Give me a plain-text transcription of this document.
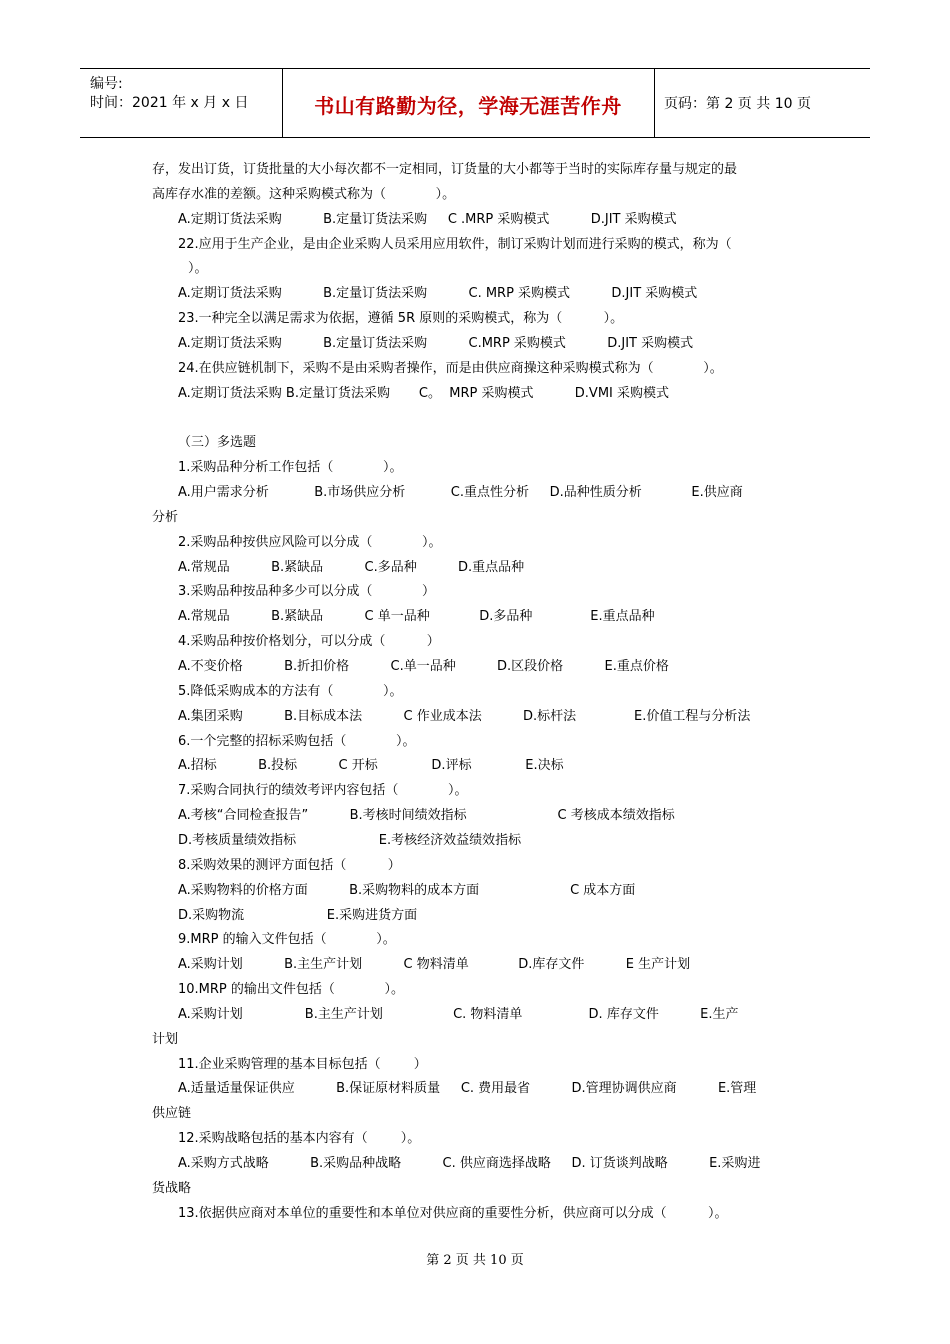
编号:
时间：2021 年 x 月 x 日	书山有路勤为径，学海无涯苦作舟	页码：第 2 页 共 10 页
存，发出订货，订货批量的大小每次都不一定相同，订货量的大小都等于当时的实际库存量与规定的最
高库存水准的差额。这种采购模式称为（            ）。
A.定期订货法采购          B.定量订货法采购     C .MRP 采购模式          D.JIT 采购模式
22.应用于生产企业，是由企业采购人员采用应用软件，制订采购计划而进行采购的模式，称为（
）。
A.定期订货法采购          B.定量订货法采购          C. MRP 采购模式          D.JIT 采购模式
23.一种完全以满足需求为依据，遵循 5R 原则的采购模式，称为（          ）。
A.定期订货法采购          B.定量订货法采购          C.MRP 采购模式          D.JIT 采购模式
24.在供应链机制下，采购不是由采购者操作，而是由供应商操这种采购模式称为（            ）。
A.定期订货法采购 B.定量订货法采购       C。  MRP 采购模式          D.VMI 采购模式
（三）多选题
1.采购品种分析工作包括（            ）。
A.用户需求分析           B.市场供应分析           C.重点性分析     D.品种性质分析            E.供应商
分析
2.采购品种按供应风险可以分成（            ）。
A.常规品          B.紧缺品          C.多品种          D.重点品种
3.采购品种按品种多少可以分成（            ）
A.常规品          B.紧缺品          C 单一品种            D.多品种              E.重点品种
4.采购品种按价格划分，可以分成（          ）
A.不变价格          B.折扣价格          C.单一品种          D.区段价格          E.重点价格
5.降低采购成本的方法有（            ）。
A.集团采购          B.目标成本法          C 作业成本法          D.标杆法              E.价值工程与分析法
6.一个完整的招标采购包括（            ）。
A.招标          B.投标          C 开标             D.评标             E.决标
7.采购合同执行的绩效考评内容包括（            ）。
A.考核“合同检查报告”          B.考核时间绩效指标                      C 考核成本绩效指标
D.考核质量绩效指标                    E.考核经济效益绩效指标
8.采购效果的测评方面包括（          ）
A.采购物料的价格方面          B.采购物料的成本方面                      C 成本方面
D.采购物流                    E.采购进货方面
9.MRP 的输入文件包括（            ）。
A.采购计划          B.主生产计划          C 物料清单            D.库存文件          E 生产计划
10.MRP 的输出文件包括（            ）。
A.采购计划               B.主生产计划                 C. 物料清单                D. 库存文件          E.生产
计划
11.企业采购管理的基本目标包括（        ）
A.适量适量保证供应          B.保证原材料质量     C. 费用最省          D.管理协调供应商          E.管理
供应链
12.采购战略包括的基本内容有（        ）。
A.采购方式战略          B.采购品种战略          C. 供应商选择战略     D. 订货谈判战略          E.采购进
货战略
13.依据供应商对本单位的重要性和本单位对供应商的重要性分析，供应商可以分成（          ）。
第 2 页 共 10 页
